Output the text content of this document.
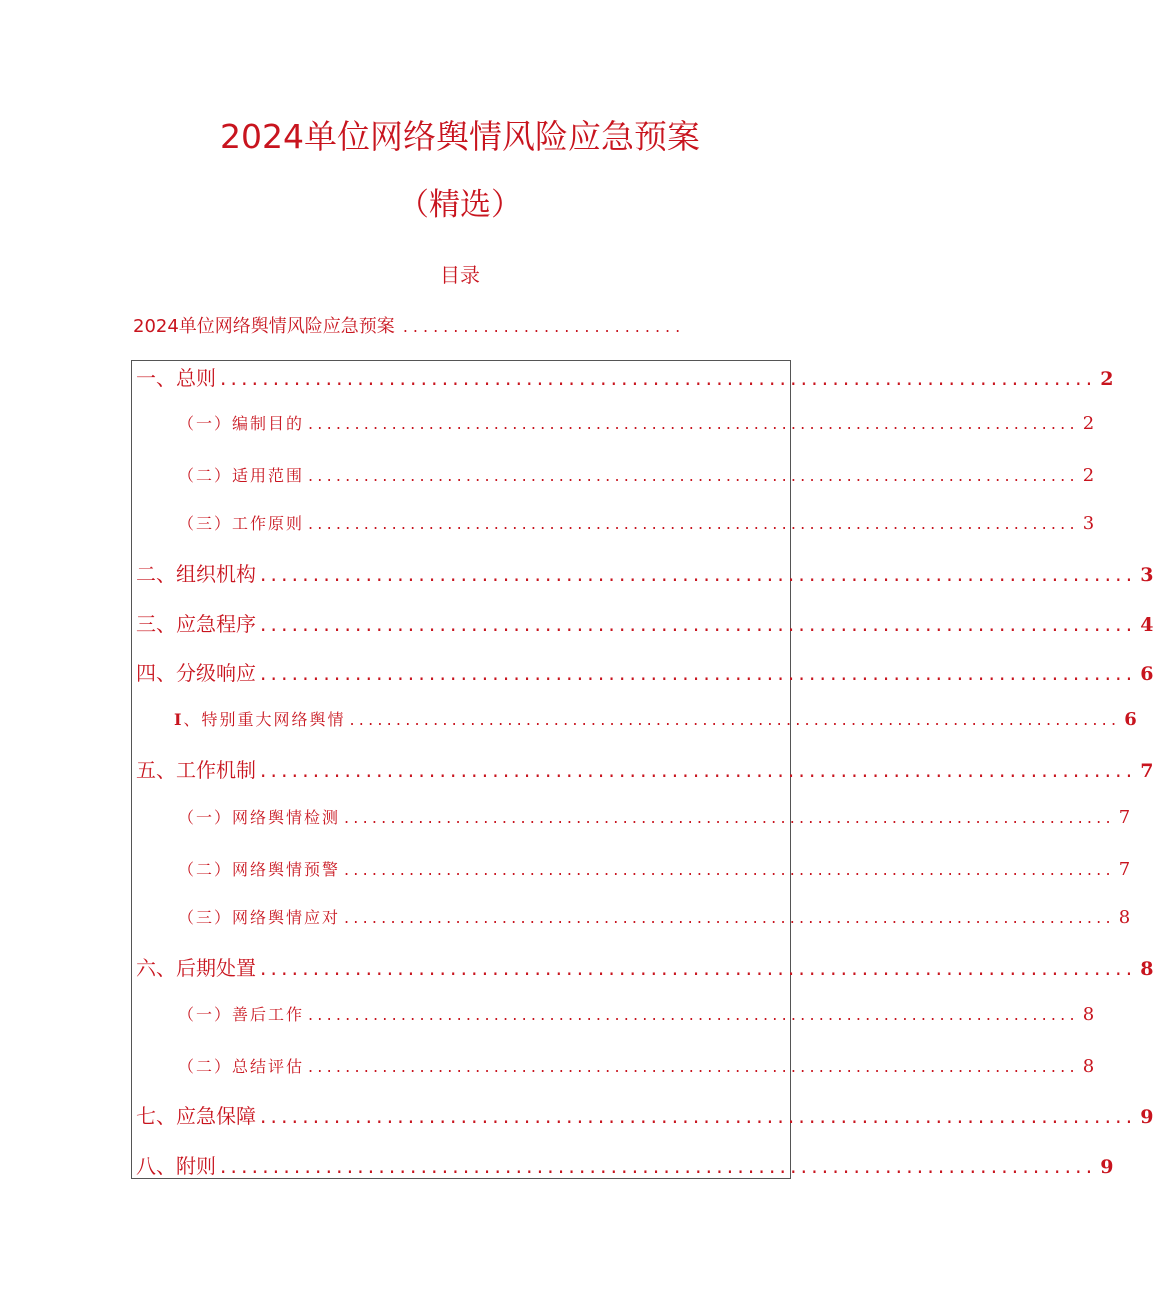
2024单位网络舆情风险应急预案
（精选）
目录
2024单位网络舆情风险应急预案 ............................
一、总则 ................................................................................... 2
（一）编制目的 ................................................................................... 2
（二）适用范围 ................................................................................... 2
（三）工作原则 ................................................................................... 3
二、组织机构 ................................................................................... 3
三、应急程序 ................................................................................... 4
四、分级响应 ................................................................................... 6
I、特别重大网络舆情 ................................................................................... 6
五、工作机制 ................................................................................... 7
（一）网络舆情检测 ................................................................................... 7
（二）网络舆情预警 ................................................................................... 7
（三）网络舆情应对 ................................................................................... 8
六、后期处置 ................................................................................... 8
（一）善后工作 ................................................................................... 8
（二）总结评估 ................................................................................... 8
七、应急保障 ................................................................................... 9
八、附则 ................................................................................... 9
